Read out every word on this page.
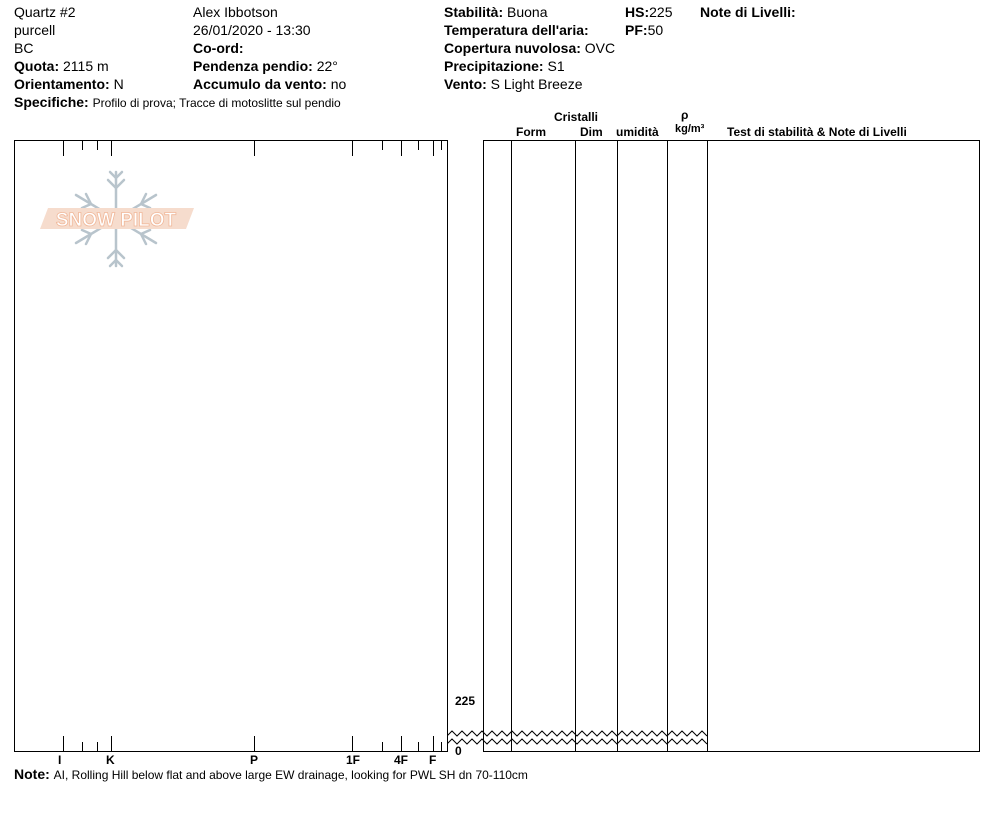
Quartz #2
purcell
BC
Quota: 2115 m
Orientamento: N
Specifiche: Profilo di prova; Tracce di motoslitte sul pendio
Alex Ibbotson
26/01/2020 - 13:30
Co-ord:
Pendenza pendio: 22°
Accumulo da vento: no
Stabilità: Buona
Temperatura dell'aria:
Copertura nuvolosa: OVC
Precipitazione: S1
Vento: S Light Breeze
HS:225
PF:50
Note di Livelli:
Cristalli
Form	Dim umidità
ρ
kg/m³ Test di stabilità & Note di Livelli
I	K	P	1F	4F F
SNOW PILOT
225
0
Note: AI, Rolling Hill below flat and above large EW drainage, looking for PWL SH dn 70-110cm
